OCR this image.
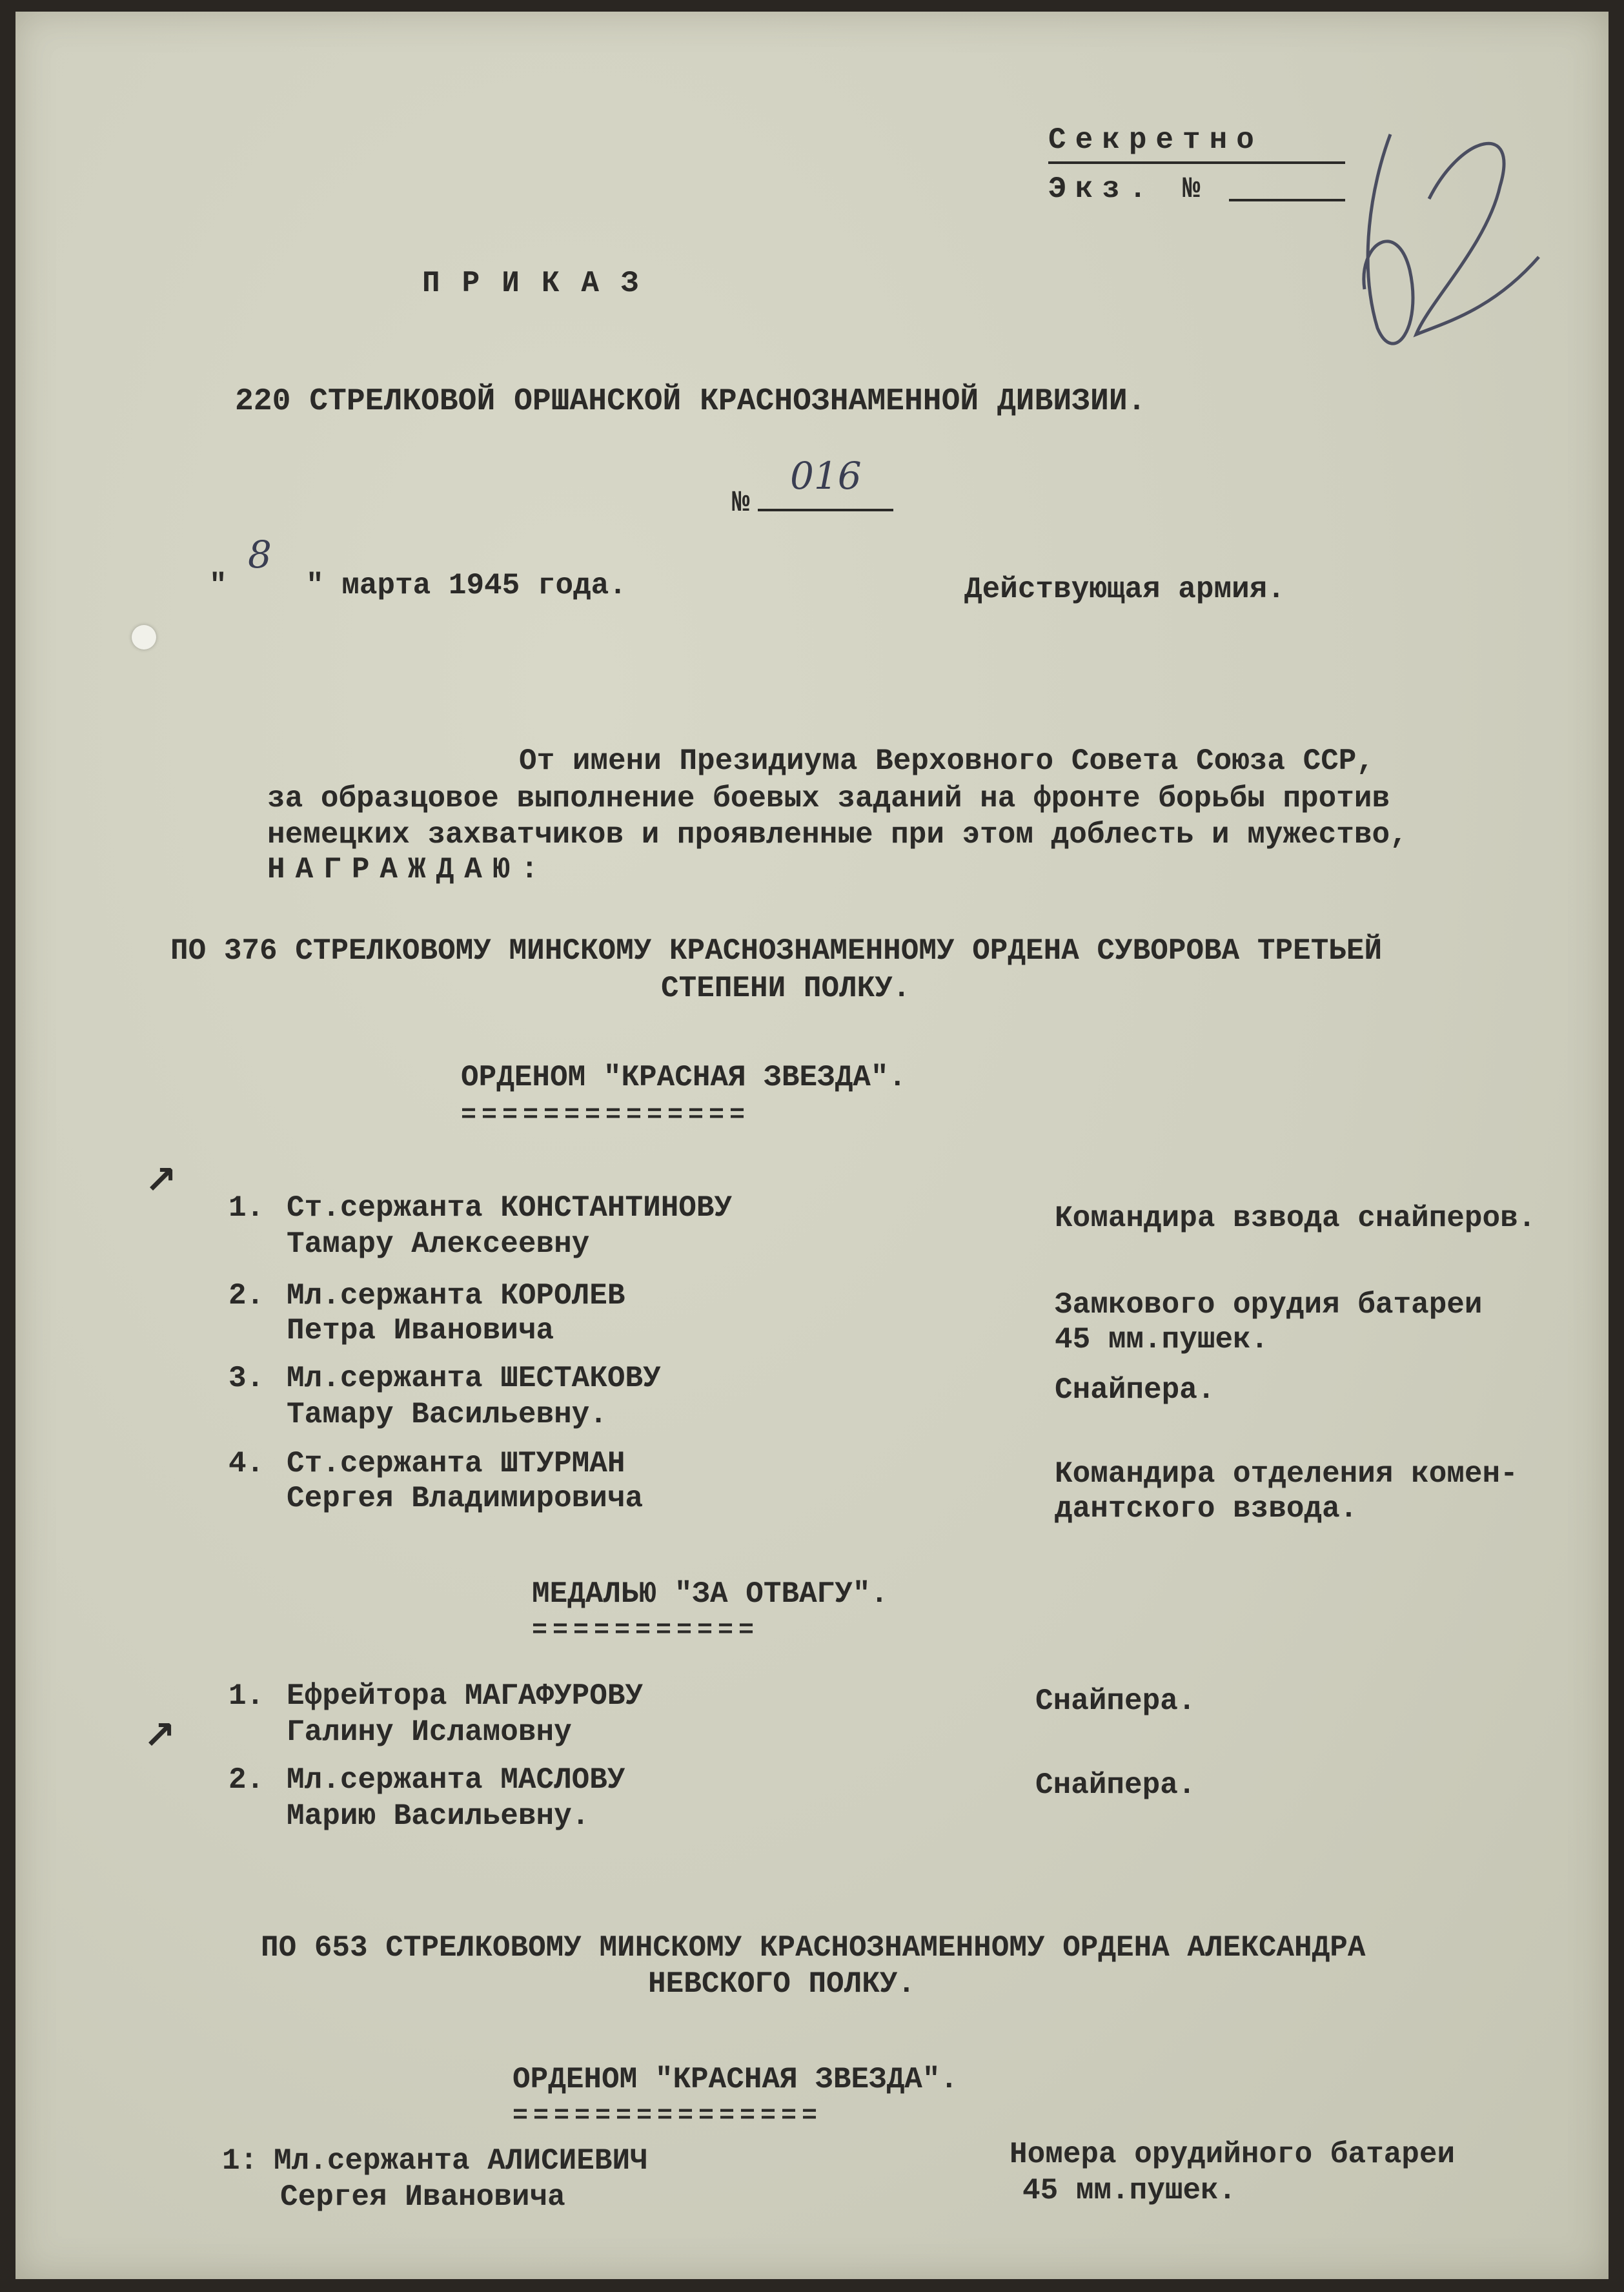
↗
↗
Секретно
Экз. №
ПРИКАЗ
220 СТРЕЛКОВОЙ ОРШАНСКОЙ КРАСНОЗНАМЕННОЙ ДИВИЗИИ.
№
016
"
8
" марта 1945 года.	Действующая армия.
От имени Президиума Верховного Совета Союза ССР,
за образцовое выполнение боевых заданий на фронте борьбы против
немецких захватчиков и проявленные при этом доблесть и мужество,
НАГРАЖДАЮ:
ПО 376 СТРЕЛКОВОМУ МИНСКОМУ КРАСНОЗНАМЕННОМУ ОРДЕНА СУВОРОВА ТРЕТЬЕЙ
СТЕПЕНИ ПОЛКУ.
ОРДЕНОМ "КРАСНАЯ ЗВЕЗДА".
==============
1. Ст.сержанта КОНСТАНТИНОВУ
Тамару Алексеевну
Командира взвода снайперов.
2. Мл.сержанта КОРОЛЕВ
Петра Ивановича
Замкового орудия батареи
45 мм.пушек.
3. Мл.сержанта ШЕСТАКОВУ
Тамару Васильевну.
Снайпера.
4. Ст.сержанта ШТУРМАН
Сергея Владимировича
Командира отделения комен-
дантского взвода.
МЕДАЛЬЮ "ЗА ОТВАГУ".
===========
1. Ефрейтора МАГАФУРОВУ
Галину Исламовну
Снайпера.
2. Мл.сержанта МАСЛОВУ
Марию Васильевну.
Снайпера.
ПО 653 СТРЕЛКОВОМУ МИНСКОМУ КРАСНОЗНАМЕННОМУ ОРДЕНА АЛЕКСАНДРА
НЕВСКОГО ПОЛКУ.
ОРДЕНОМ "КРАСНАЯ ЗВЕЗДА".
===============
1: Мл.сержанта АЛИСИЕВИЧ
Сергея Ивановича
Номера орудийного батареи
45 мм.пушек.
